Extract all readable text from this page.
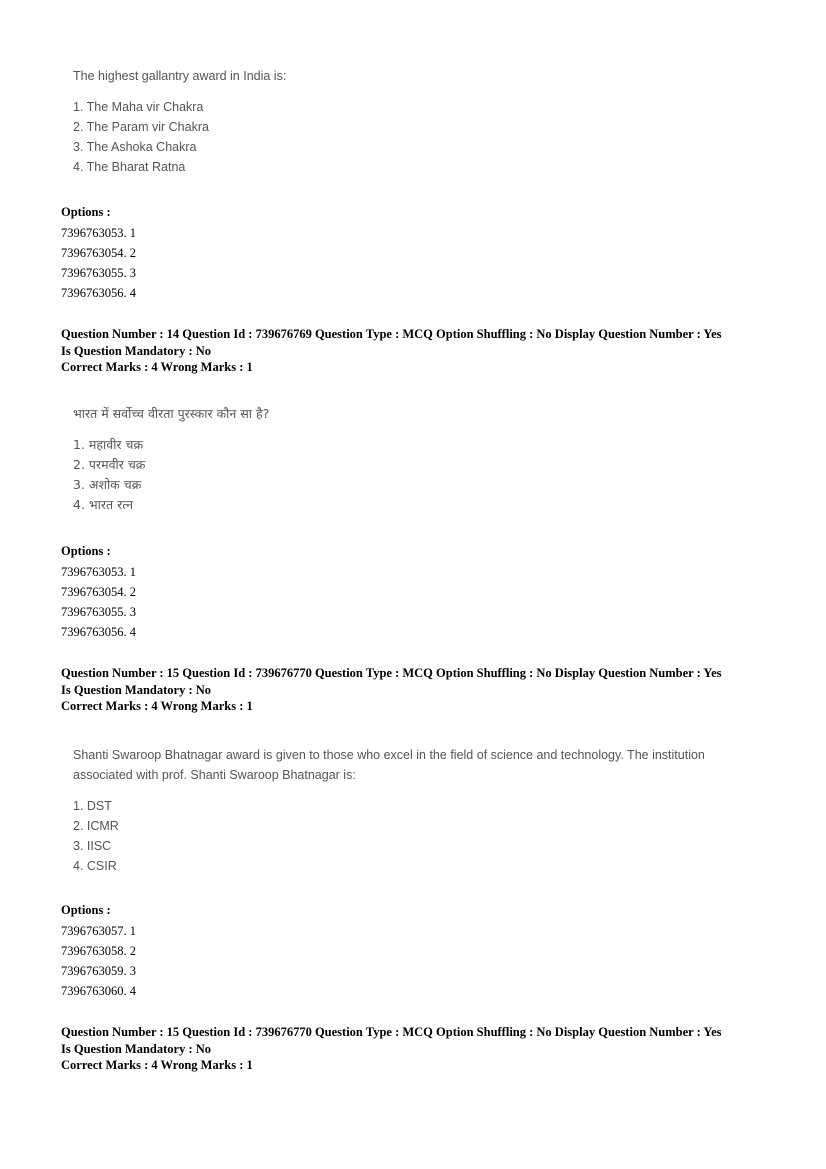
The highest gallantry award in India is:
1. The Maha vir Chakra
2. The Param vir Chakra
3. The Ashoka Chakra
4. The Bharat Ratna
Options :
7396763053. 1
7396763054. 2
7396763055. 3
7396763056. 4
Question Number : 14 Question Id : 739676769 Question Type : MCQ Option Shuffling : No Display Question Number : Yes
Is Question Mandatory : No
Correct Marks : 4 Wrong Marks : 1
भारत में सर्वोच्च वीरता पुरस्कार कौन सा है?
1. महावीर चक्र
2. परमवीर चक्र
3. अशोक चक्र
4. भारत रत्न
Options :
7396763053. 1
7396763054. 2
7396763055. 3
7396763056. 4
Question Number : 15 Question Id : 739676770 Question Type : MCQ Option Shuffling : No Display Question Number : Yes
Is Question Mandatory : No
Correct Marks : 4 Wrong Marks : 1
Shanti Swaroop Bhatnagar award is given to those who excel in the field of science and technology. The institution
associated with prof. Shanti Swaroop Bhatnagar is:
1. DST
2. ICMR
3. IISC
4. CSIR
Options :
7396763057. 1
7396763058. 2
7396763059. 3
7396763060. 4
Question Number : 15 Question Id : 739676770 Question Type : MCQ Option Shuffling : No Display Question Number : Yes
Is Question Mandatory : No
Correct Marks : 4 Wrong Marks : 1
